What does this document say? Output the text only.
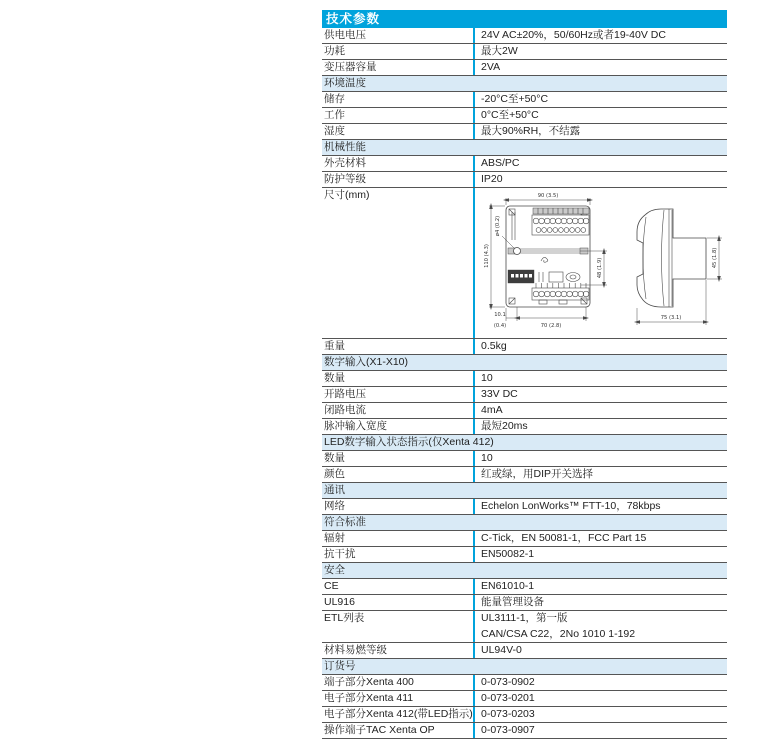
技术参数
供电电压	24V AC±20%，50/60Hz或者19-40V DC
功耗	最大2W
变压器容量	2VA
环境温度
储存	-20°C至+50°C
工作	0°C至+50°C
湿度	最大90%RH，不结露
机械性能
外壳材料	ABS/PC
防护等级	IP20
尺寸(mm)	90 (3.5)
110 (4.3)
ø4 (0.2)
48 (1.9)
10.1
(0.4)	70 (2.8)
45 (1.8)
75 (3.1)
重量	0.5kg
数字输入(X1-X10)
数量	10
开路电压	33V DC
闭路电流	4mA
脉冲输入宽度	最短20ms
LED数字输入状态指示(仅Xenta 412)
数量	10
颜色	红或绿，用DIP开关选择
通讯
网络	Echelon LonWorks™ FTT-10，78kbps
符合标准
辐射	C-Tick，EN 50081-1，FCC Part 15
抗干扰	EN50082-1
安全
CE	EN61010-1
UL916	能量管理设备
ETL列表	UL3111-1，第一版
CAN/CSA C22，2No 1010 1-192
材料易燃等级	UL94V-0
订货号
端子部分Xenta 400	0-073-0902
电子部分Xenta 411	0-073-0201
电子部分Xenta 412(带LED指示) 0-073-0203
操作端子TAC Xenta OP	0-073-0907
